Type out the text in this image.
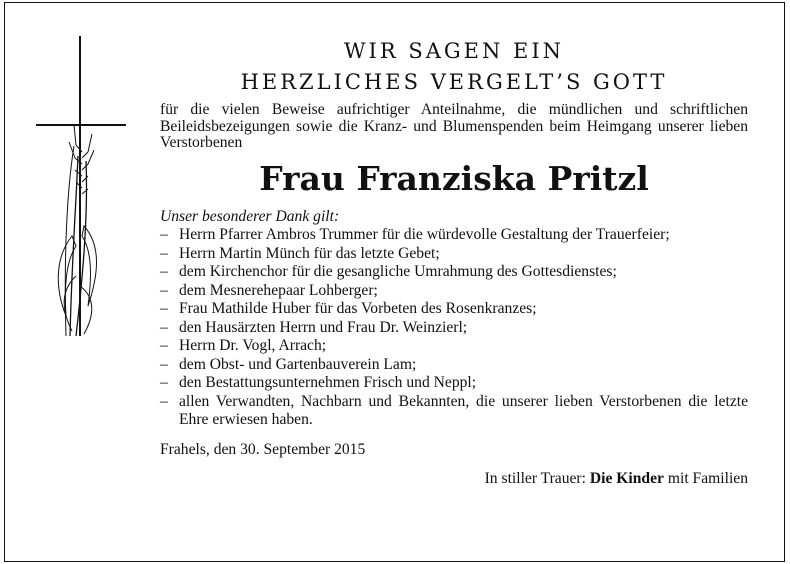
WIR SAGEN EIN
HERZLICHES VERGELT’S GOTT

für die vielen Beweise aufrichtiger Anteilnahme, die mündlichen und schriftlichen Beileidsbezeigungen sowie die Kranz- und Blumenspenden beim Heimgang unserer lieben Verstorbenen

Frau Franziska Pritzl

Unser besonderer Dank gilt:

– Herrn Pfarrer Ambros Trummer für die würdevolle Gestaltung der Trauerfeier;
– Herrn Martin Münch für das letzte Gebet;
– dem Kirchenchor für die gesangliche Umrahmung des Gottesdienstes;
– dem Mesnerehepaar Lohberger;
– Frau Mathilde Huber für das Vorbeten des Rosenkranzes;
– den Hausärzten Herrn und Frau Dr. Weinzierl;
– Herrn Dr. Vogl, Arrach;
– dem Obst- und Gartenbauverein Lam;
– den Bestattungsunternehmen Frisch und Neppl;
– allen Verwandten, Nachbarn und Bekannten, die unserer lieben Verstorbenen die letzte Ehre erwiesen haben.

Frahels, den 30. September 2015

In stiller Trauer: Die Kinder mit Familien
